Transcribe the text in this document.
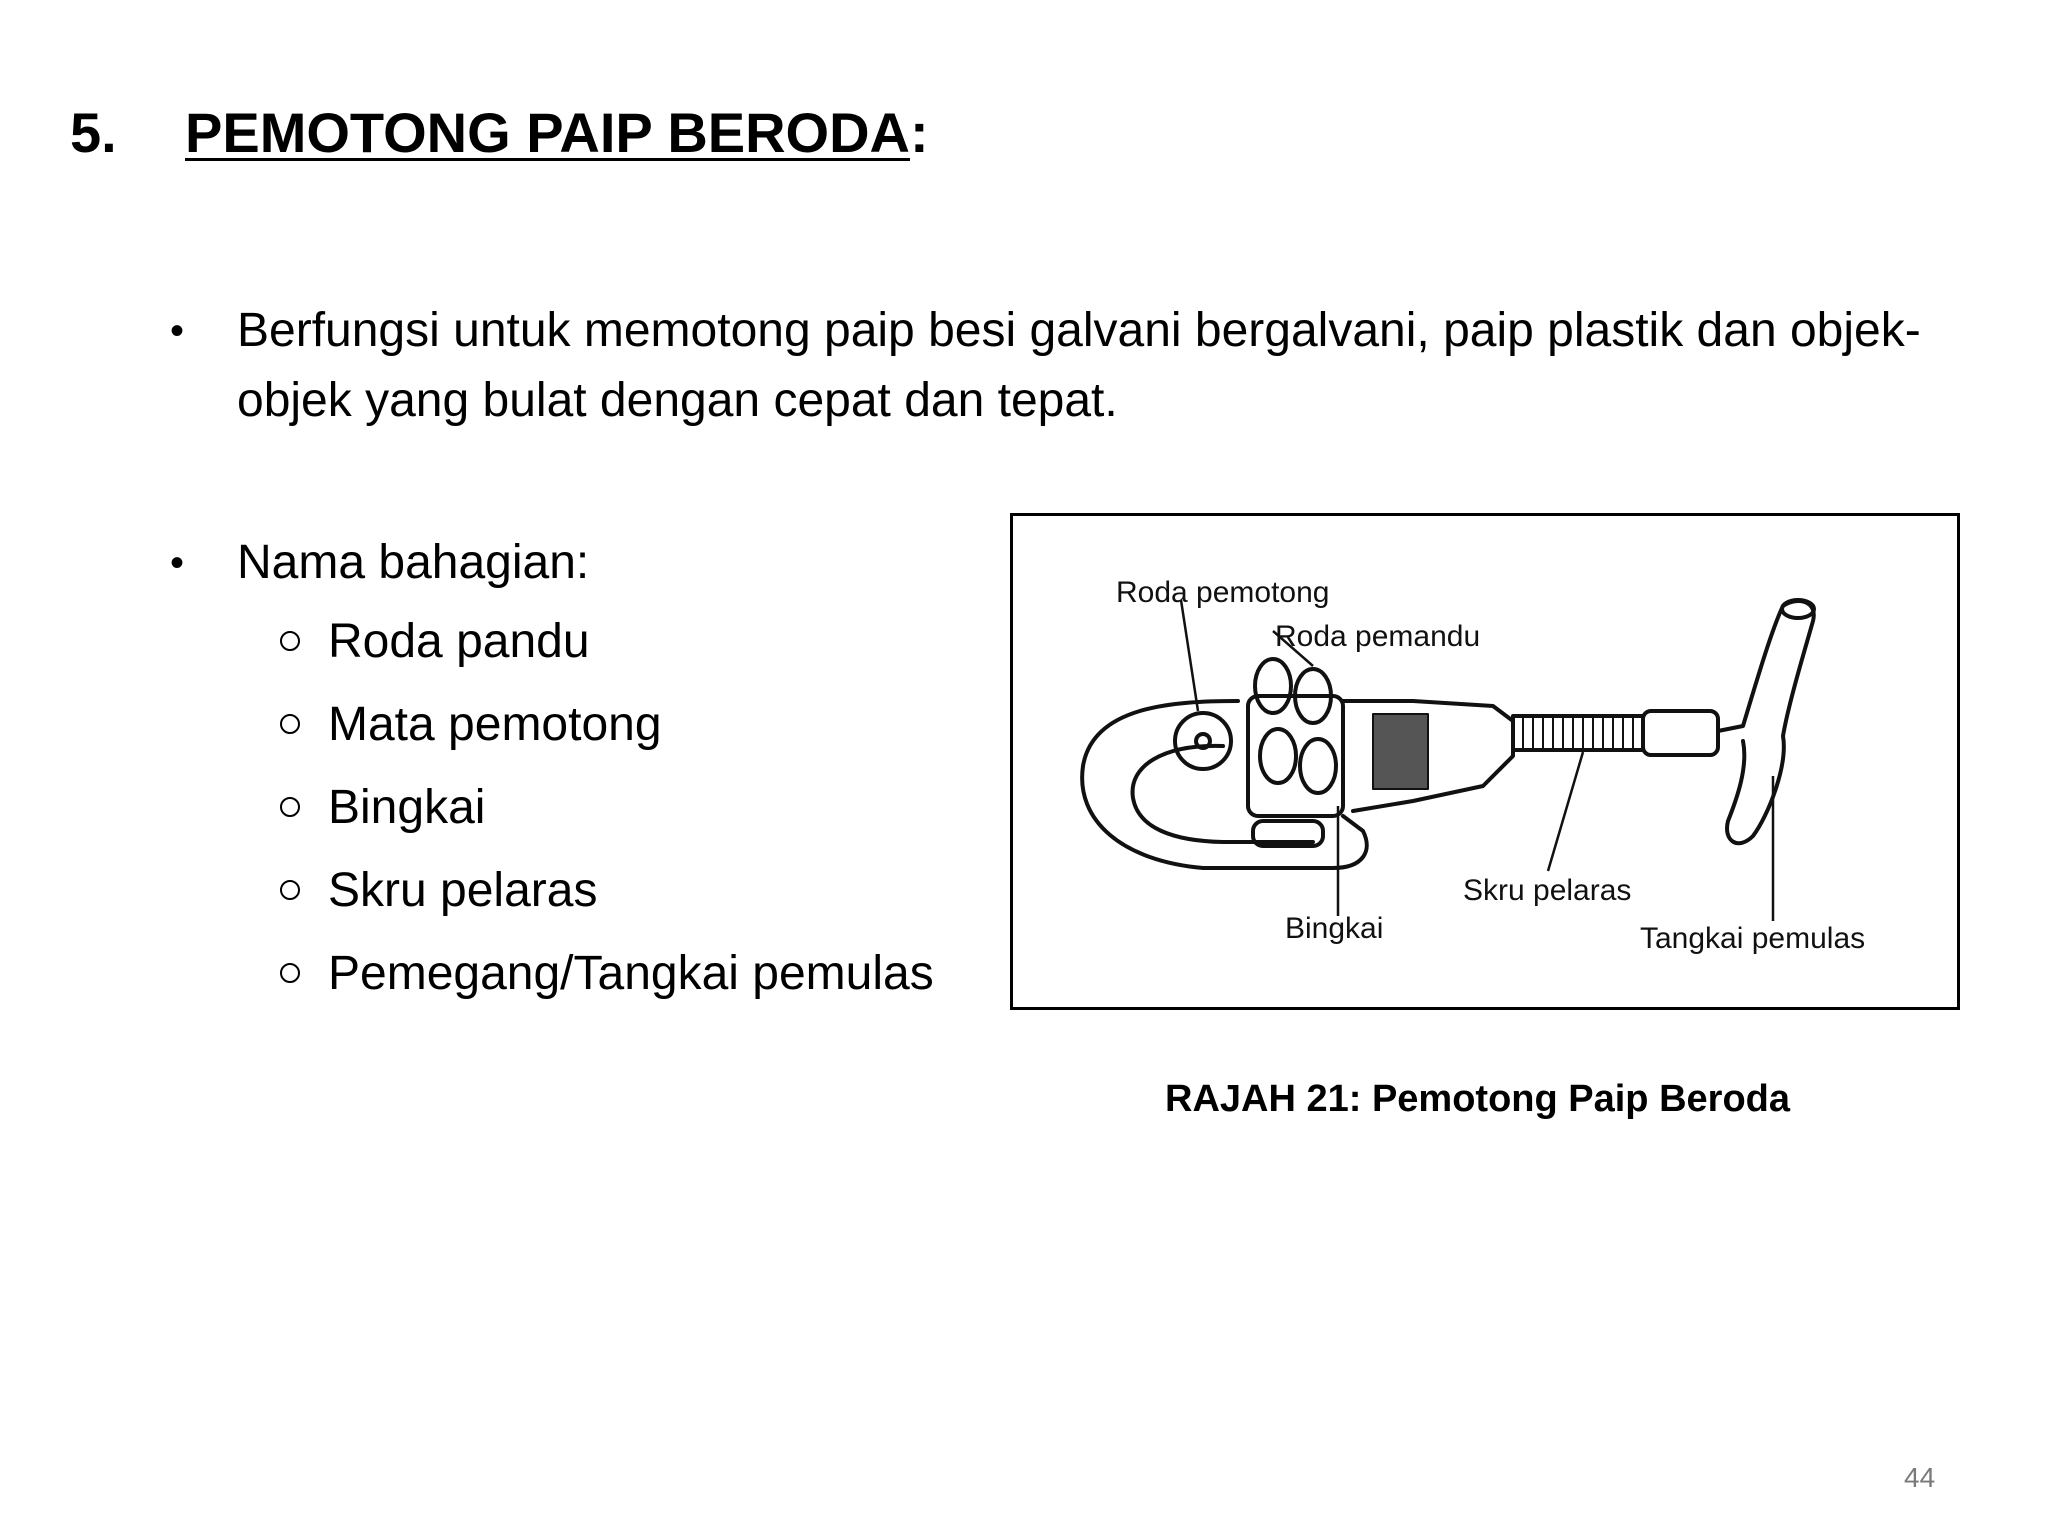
5.	PEMOTONG PAIP BERODA :
• Berfungsi untuk memotong paip besi galvani bergalvani, paip plastik dan objek-objek yang bulat dengan cepat dan tepat.
• Nama bahagian:
Roda pandu
Mata pemotong
Bingkai
Skru pelaras
Pemegang/Tangkai pemulas
Roda pemotong
Roda pemandu
Skru pelaras
Bingkai	Tangkai pemulas
RAJAH 21: Pemotong Paip Beroda
44
